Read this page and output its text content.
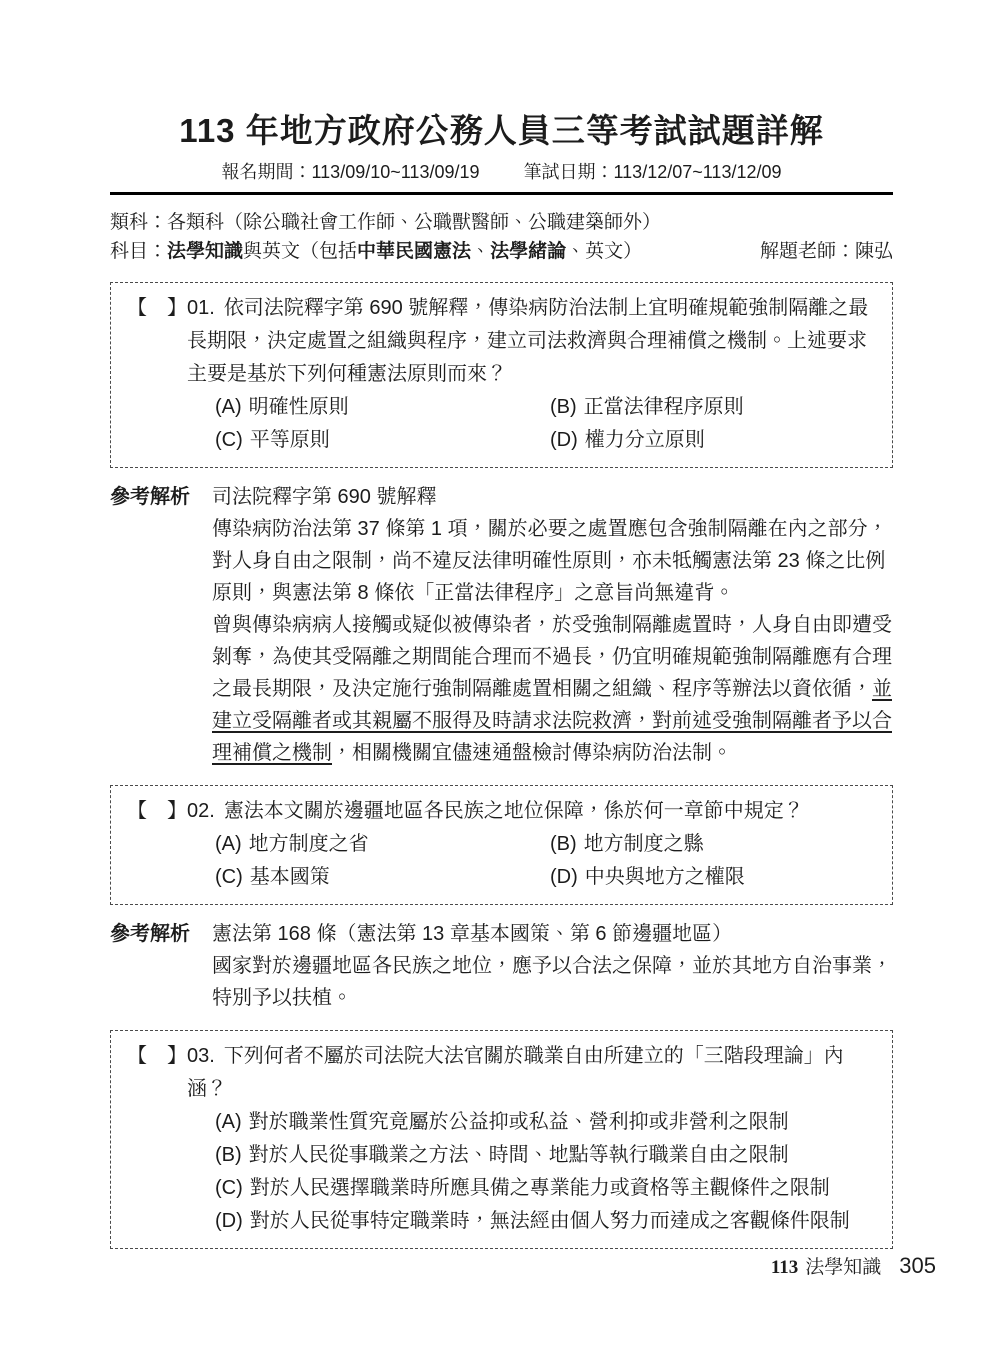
113 年地方政府公務人員三等考試試題詳解
報名期間：113/09/10~113/09/19 筆試日期：113/12/07~113/12/09
類科：各類科（除公職社會工作師、公職獸醫師、公職建築師外）
科目：法學知識與英文（包括中華民國憲法、法學緒論、英文）	解題老師：陳弘
【　】 01. 依司法院釋字第 690 號解釋，傳染病防治法制上宜明確規範強制隔離之最長期限，決定處置之組織與程序，建立司法救濟與合理補償之機制。上述要求主要是基於下列何種憲法原則而來？
(A) 明確性原則	(B) 正當法律程序原則
(C) 平等原則	(D) 權力分立原則
參考解析	司法院釋字第 690 號解釋
傳染病防治法第 37 條第 1 項，關於必要之處置應包含強制隔離在內之部分，對人身自由之限制，尚不違反法律明確性原則，亦未牴觸憲法第 23 條之比例原則，與憲法第 8 條依「正當法律程序」之意旨尚無違背。
曾與傳染病病人接觸或疑似被傳染者，於受強制隔離處置時，人身自由即遭受剝奪，為使其受隔離之期間能合理而不過長，仍宜明確規範強制隔離應有合理之最長期限，及決定施行強制隔離處置相關之組織、程序等辦法以資依循，並建立受隔離者或其親屬不服得及時請求法院救濟，對前述受強制隔離者予以合理補償之機制，相關機關宜儘速通盤檢討傳染病防治法制。
【　】 02. 憲法本文關於邊疆地區各民族之地位保障，係於何一章節中規定？
(A) 地方制度之省	(B) 地方制度之縣
(C) 基本國策	(D) 中央與地方之權限
參考解析	憲法第 168 條（憲法第 13 章基本國策、第 6 節邊疆地區）
國家對於邊疆地區各民族之地位，應予以合法之保障，並於其地方自治事業，特別予以扶植。
【　】 03. 下列何者不屬於司法院大法官關於職業自由所建立的「三階段理論」內涵？
(A) 對於職業性質究竟屬於公益抑或私益、營利抑或非營利之限制
(B) 對於人民從事職業之方法、時間、地點等執行職業自由之限制
(C) 對於人民選擇職業時所應具備之專業能力或資格等主觀條件之限制
(D) 對於人民從事特定職業時，無法經由個人努力而達成之客觀條件限制
113 法學知識 305
